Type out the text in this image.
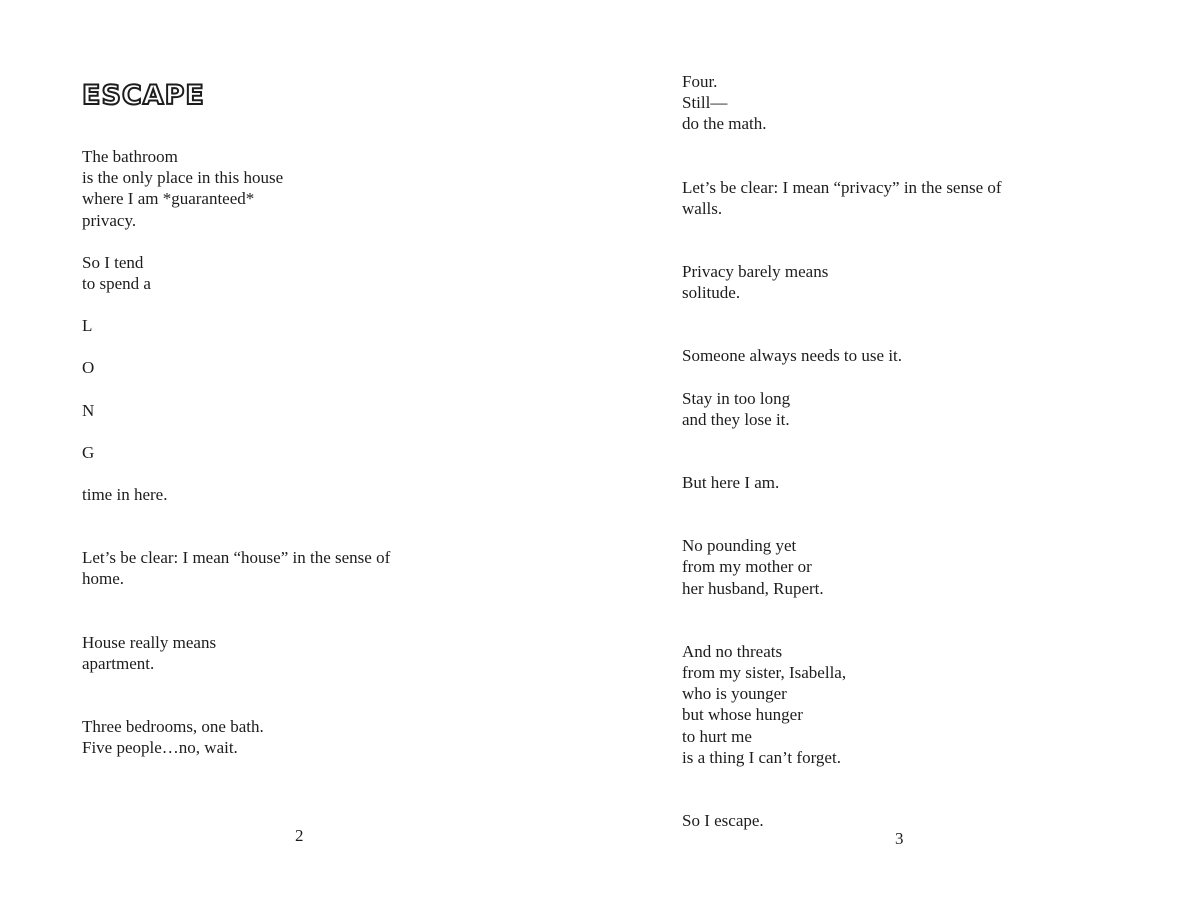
ESCAPE

The bathroom
is the only place in this house
where I am *guaranteed*
privacy.

So I tend
to spend a

L

O

N

G

time in here.

Let’s be clear: I mean “house” in the sense of
home.

House really means
apartment.

Three bedrooms, one bath.
Five people…no, wait.

2

Four.
Still—
do the math.

Let’s be clear: I mean “privacy” in the sense of
walls.

Privacy barely means
solitude.

Someone always needs to use it.

Stay in too long
and they lose it.

But here I am.

No pounding yet
from my mother or
her husband, Rupert.

And no threats
from my sister, Isabella,
who is younger
but whose hunger
to hurt me
is a thing I can’t forget.

So I escape.

3
